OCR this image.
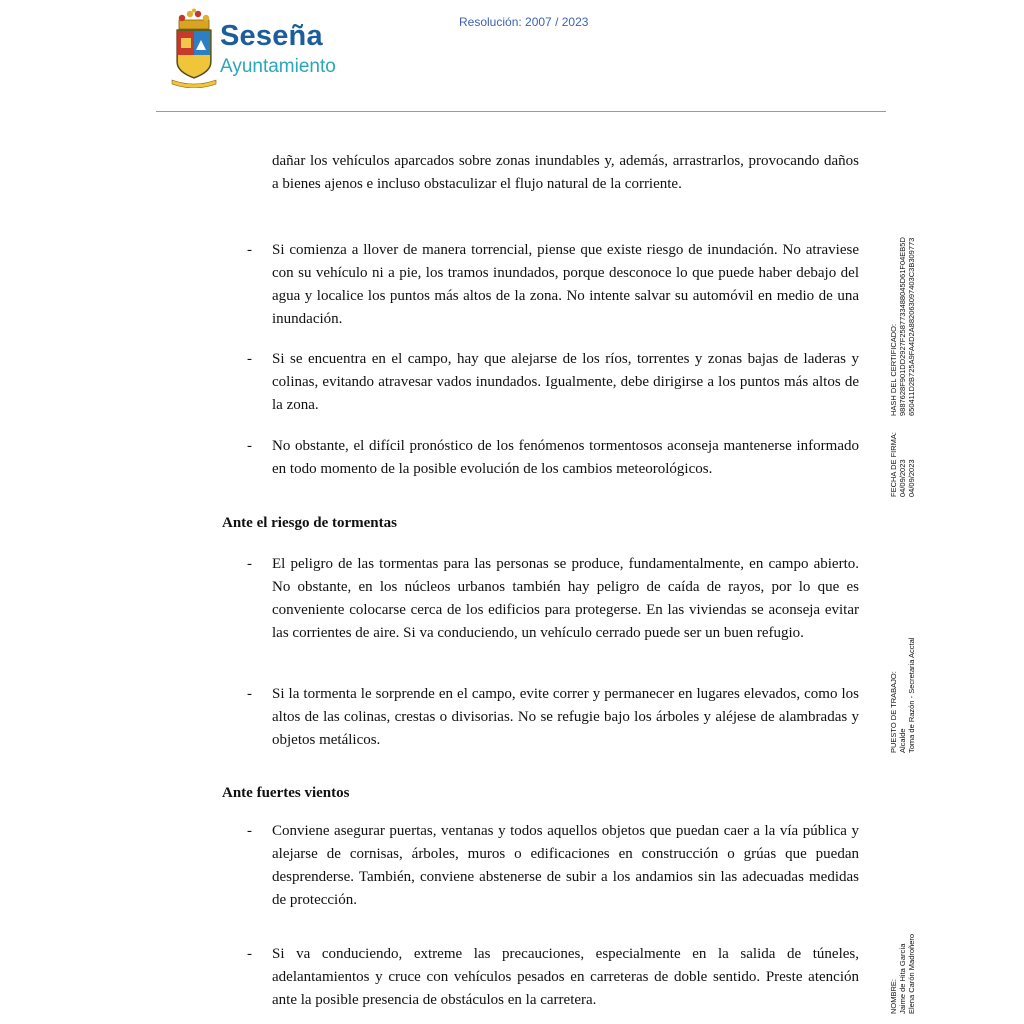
Seseña
Ayuntamiento
Resolución: 2007 / 2023

dañar los vehículos aparcados sobre zonas inundables y, además, arrastrarlos, provocando daños a bienes ajenos e incluso obstaculizar el flujo natural de la corriente.

- Si comienza a llover de manera torrencial, piense que existe riesgo de inundación. No atraviese con su vehículo ni a pie, los tramos inundados, porque desconoce lo que puede haber debajo del agua y localice los puntos más altos de la zona. No intente salvar su automóvil en medio de una inundación.

- Si se encuentra en el campo, hay que alejarse de los ríos, torrentes y zonas bajas de laderas y colinas, evitando atravesar vados inundados. Igualmente, debe dirigirse a los puntos más altos de la zona.

- No obstante, el difícil pronóstico de los fenómenos tormentosos aconseja mantenerse informado en todo momento de la posible evolución de los cambios meteorológicos.

Ante el riesgo de tormentas
- El peligro de las tormentas para las personas se produce, fundamentalmente, en campo abierto. No obstante, en los núcleos urbanos también hay peligro de caída de rayos, por lo que es conveniente colocarse cerca de los edificios para protegerse. En las viviendas se aconseja evitar las corrientes de aire. Si va conduciendo, un vehículo cerrado puede ser un buen refugio.

- Si la tormenta le sorprende en el campo, evite correr y permanecer en lugares elevados, como los altos de las colinas, crestas o divisorias. No se refugie bajo los árboles y aléjese de alambradas y objetos metálicos.

Ante fuertes vientos
- Conviene asegurar puertas, ventanas y todos aquellos objetos que puedan caer a la vía pública y alejarse de cornisas, árboles, muros o edificaciones en construcción o grúas que puedan desprenderse. También, conviene abstenerse de subir a los andamios sin las adecuadas medidas de protección.

- Si va conduciendo, extreme las precauciones, especialmente en la salida de túneles, adelantamientos y cruce con vehículos pesados en carreteras de doble sentido. Preste atención ante la posible presencia de obstáculos en la carretera.	NOMBRE: Jaime de Hita García Elena Carón Madroñero
PUESTO DE TRABAJO: Alcalde Toma de Razón - Secretaria Acctal
FECHA DE FIRMA: 04/09/2023 04/09/2023
HASH DEL CERTIFICADO: 9887628F901DD2927F2587733488045D61F04EB5D 650411D2B725A9FA4D2A882063097403C3B309773
